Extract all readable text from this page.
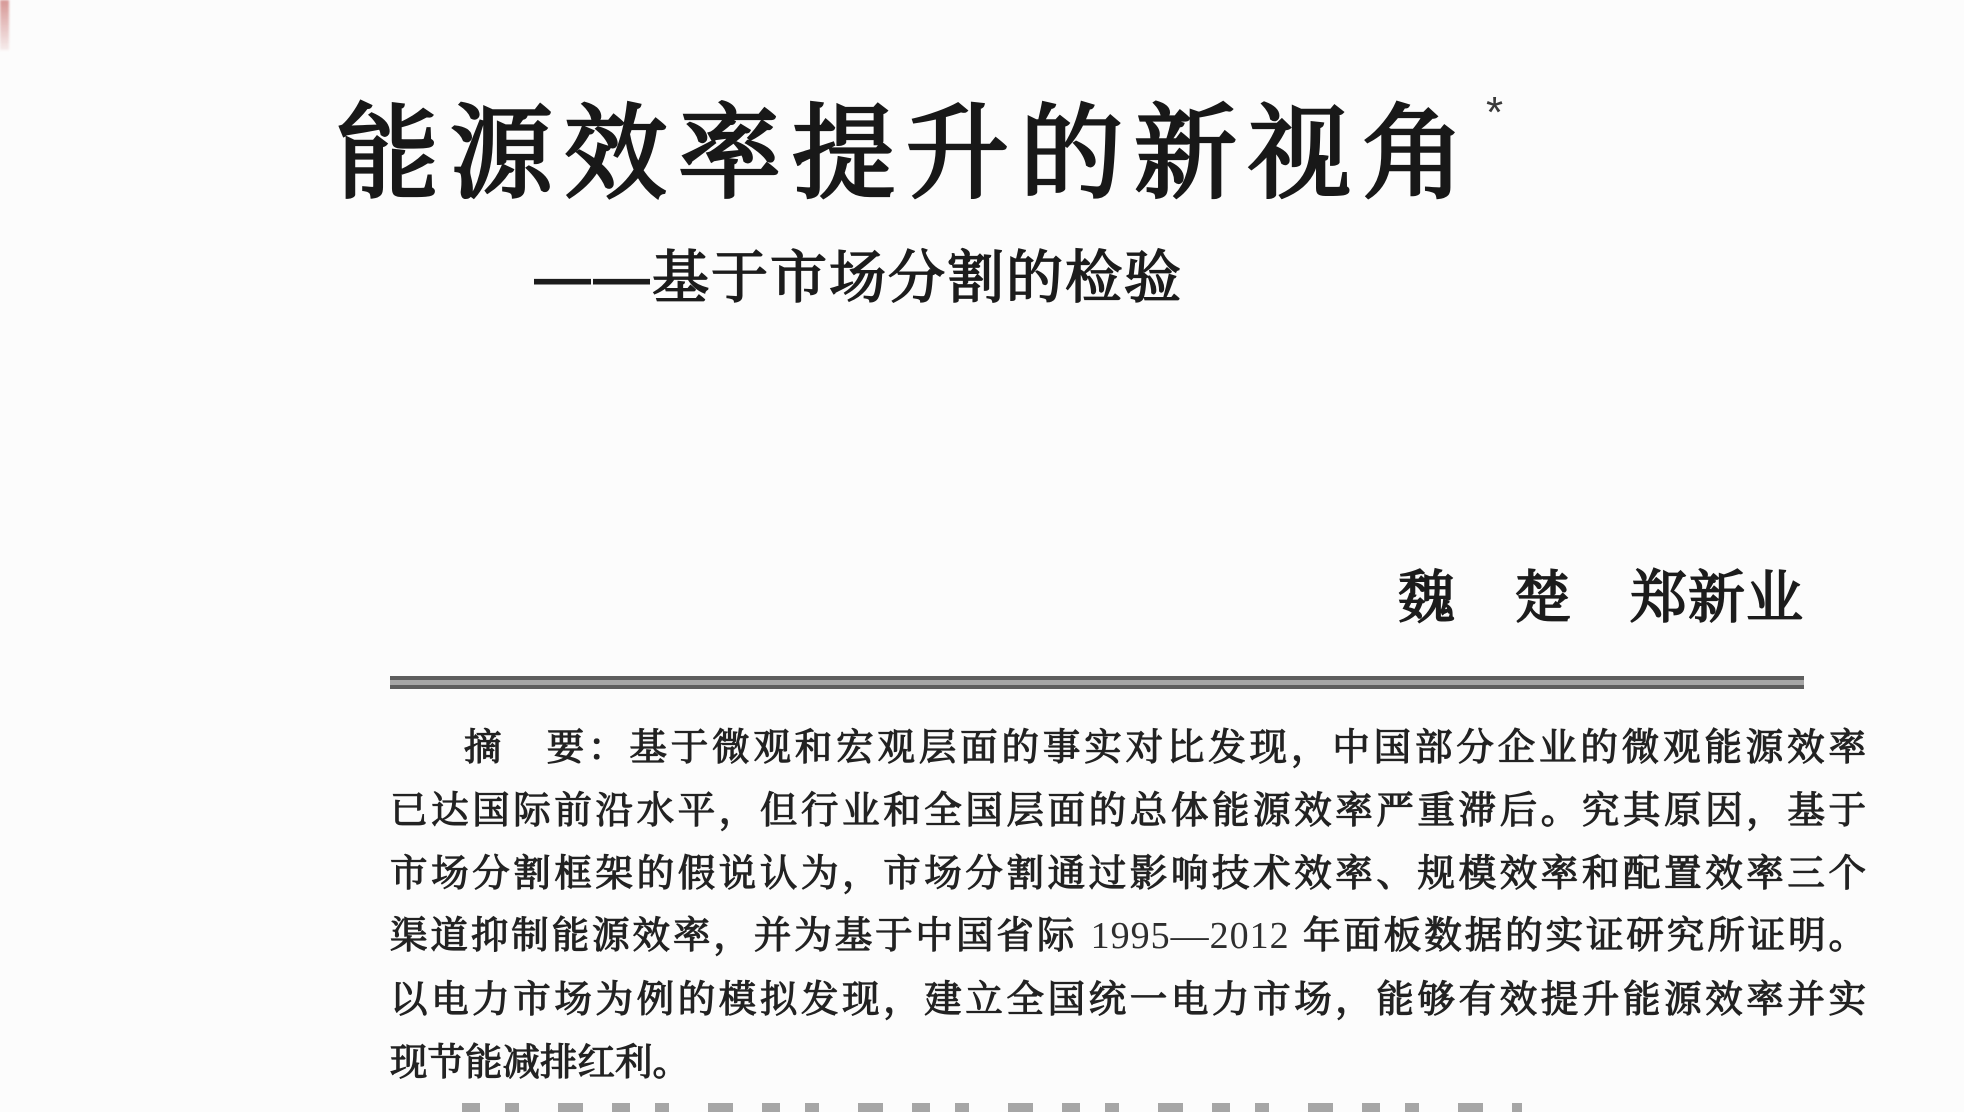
能源效率提升的新视角 *
——基于市场分割的检验
魏　楚　郑新业
摘　要：基于微观和宏观层面的事实对比发现，中国部分企业的微观能源效率
已达国际前沿水平，但行业和全国层面的总体能源效率严重滞后。究其原因，基于
市场分割框架的假说认为，市场分割通过影响技术效率、规模效率和配置效率三个
渠道抑制能源效率，并为基于中国省际 1995—2012 年面板数据的实证研究所证明。
以电力市场为例的模拟发现，建立全国统一电力市场，能够有效提升能源效率并实
现节能减排红利。
